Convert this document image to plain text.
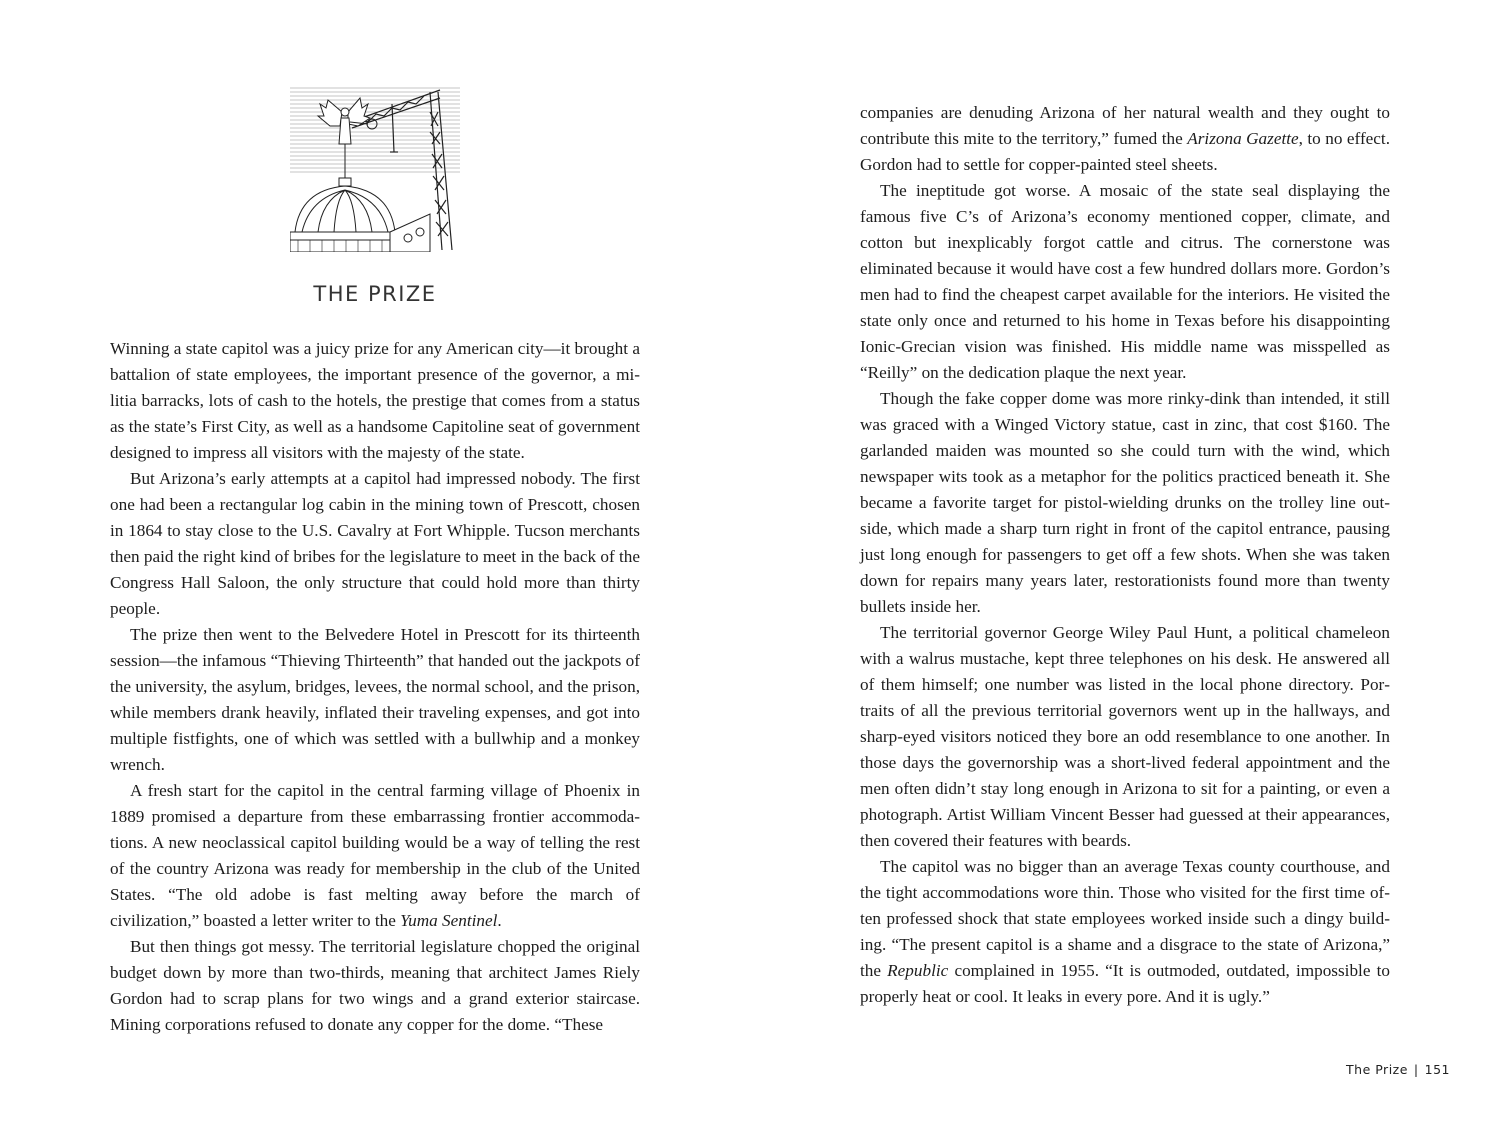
THE PRIZE

Winning a state capitol was a juicy prize for any American city—it brought a battalion of state employees, the important presence of the governor, a militia barracks, lots of cash to the hotels, the prestige that comes from a status as the state’s First City, as well as a handsome Capitoline seat of government designed to impress all visitors with the majesty of the state.

But Arizona’s early attempts at a capitol had impressed nobody. The first one had been a rectangular log cabin in the mining town of Prescott, chosen in 1864 to stay close to the U.S. Cavalry at Fort Whipple. Tucson merchants then paid the right kind of bribes for the legislature to meet in the back of the Congress Hall Saloon, the only structure that could hold more than thirty people.

The prize then went to the Belvedere Hotel in Prescott for its thirteenth session—the infamous “Thieving Thirteenth” that handed out the jackpots of the university, the asylum, bridges, levees, the normal school, and the prison, while members drank heavily, inflated their traveling expenses, and got into multiple fistfights, one of which was settled with a bullwhip and a monkey wrench.

A fresh start for the capitol in the central farming village of Phoenix in 1889 promised a departure from these embarrassing frontier accommodations. A new neoclassical capitol building would be a way of telling the rest of the country Arizona was ready for membership in the club of the United States. “The old adobe is fast melting away before the march of civilization,” boasted a letter writer to the Yuma Sentinel.

But then things got messy. The territorial legislature chopped the original budget down by more than two-thirds, meaning that architect James Riely Gordon had to scrap plans for two wings and a grand exterior staircase. Mining corporations refused to donate any copper for the dome. “These

companies are denuding Arizona of her natural wealth and they ought to contribute this mite to the territory,” fumed the Arizona Gazette, to no effect. Gordon had to settle for copper-painted steel sheets.

The ineptitude got worse. A mosaic of the state seal displaying the famous five C’s of Arizona’s economy mentioned copper, climate, and cotton but inexplicably forgot cattle and citrus. The cornerstone was eliminated because it would have cost a few hundred dollars more. Gordon’s men had to find the cheapest carpet available for the interiors. He visited the state only once and returned to his home in Texas before his disappointing Ionic-Grecian vision was finished. His middle name was misspelled as “Reilly” on the dedication plaque the next year.

Though the fake copper dome was more rinky-dink than intended, it still was graced with a Winged Victory statue, cast in zinc, that cost $160. The garlanded maiden was mounted so she could turn with the wind, which newspaper wits took as a metaphor for the politics practiced beneath it. She became a favorite target for pistol-wielding drunks on the trolley line outside, which made a sharp turn right in front of the capitol entrance, pausing just long enough for passengers to get off a few shots. When she was taken down for repairs many years later, restorationists found more than twenty bullets inside her.

The territorial governor George Wiley Paul Hunt, a political chameleon with a walrus mustache, kept three telephones on his desk. He answered all of them himself; one number was listed in the local phone directory. Portraits of all the previous territorial governors went up in the hallways, and sharp-eyed visitors noticed they bore an odd resemblance to one another. In those days the governorship was a short-lived federal appointment and the men often didn’t stay long enough in Arizona to sit for a painting, or even a photograph. Artist William Vincent Besser had guessed at their appearances, then covered their features with beards.

The capitol was no bigger than an average Texas county courthouse, and the tight accommodations wore thin. Those who visited for the first time often professed shock that state employees worked inside such a dingy building. “The present capitol is a shame and a disgrace to the state of Arizona,” the Republic complained in 1955. “It is outmoded, outdated, impossible to properly heat or cool. It leaks in every pore. And it is ugly.”

The Prize | 151
